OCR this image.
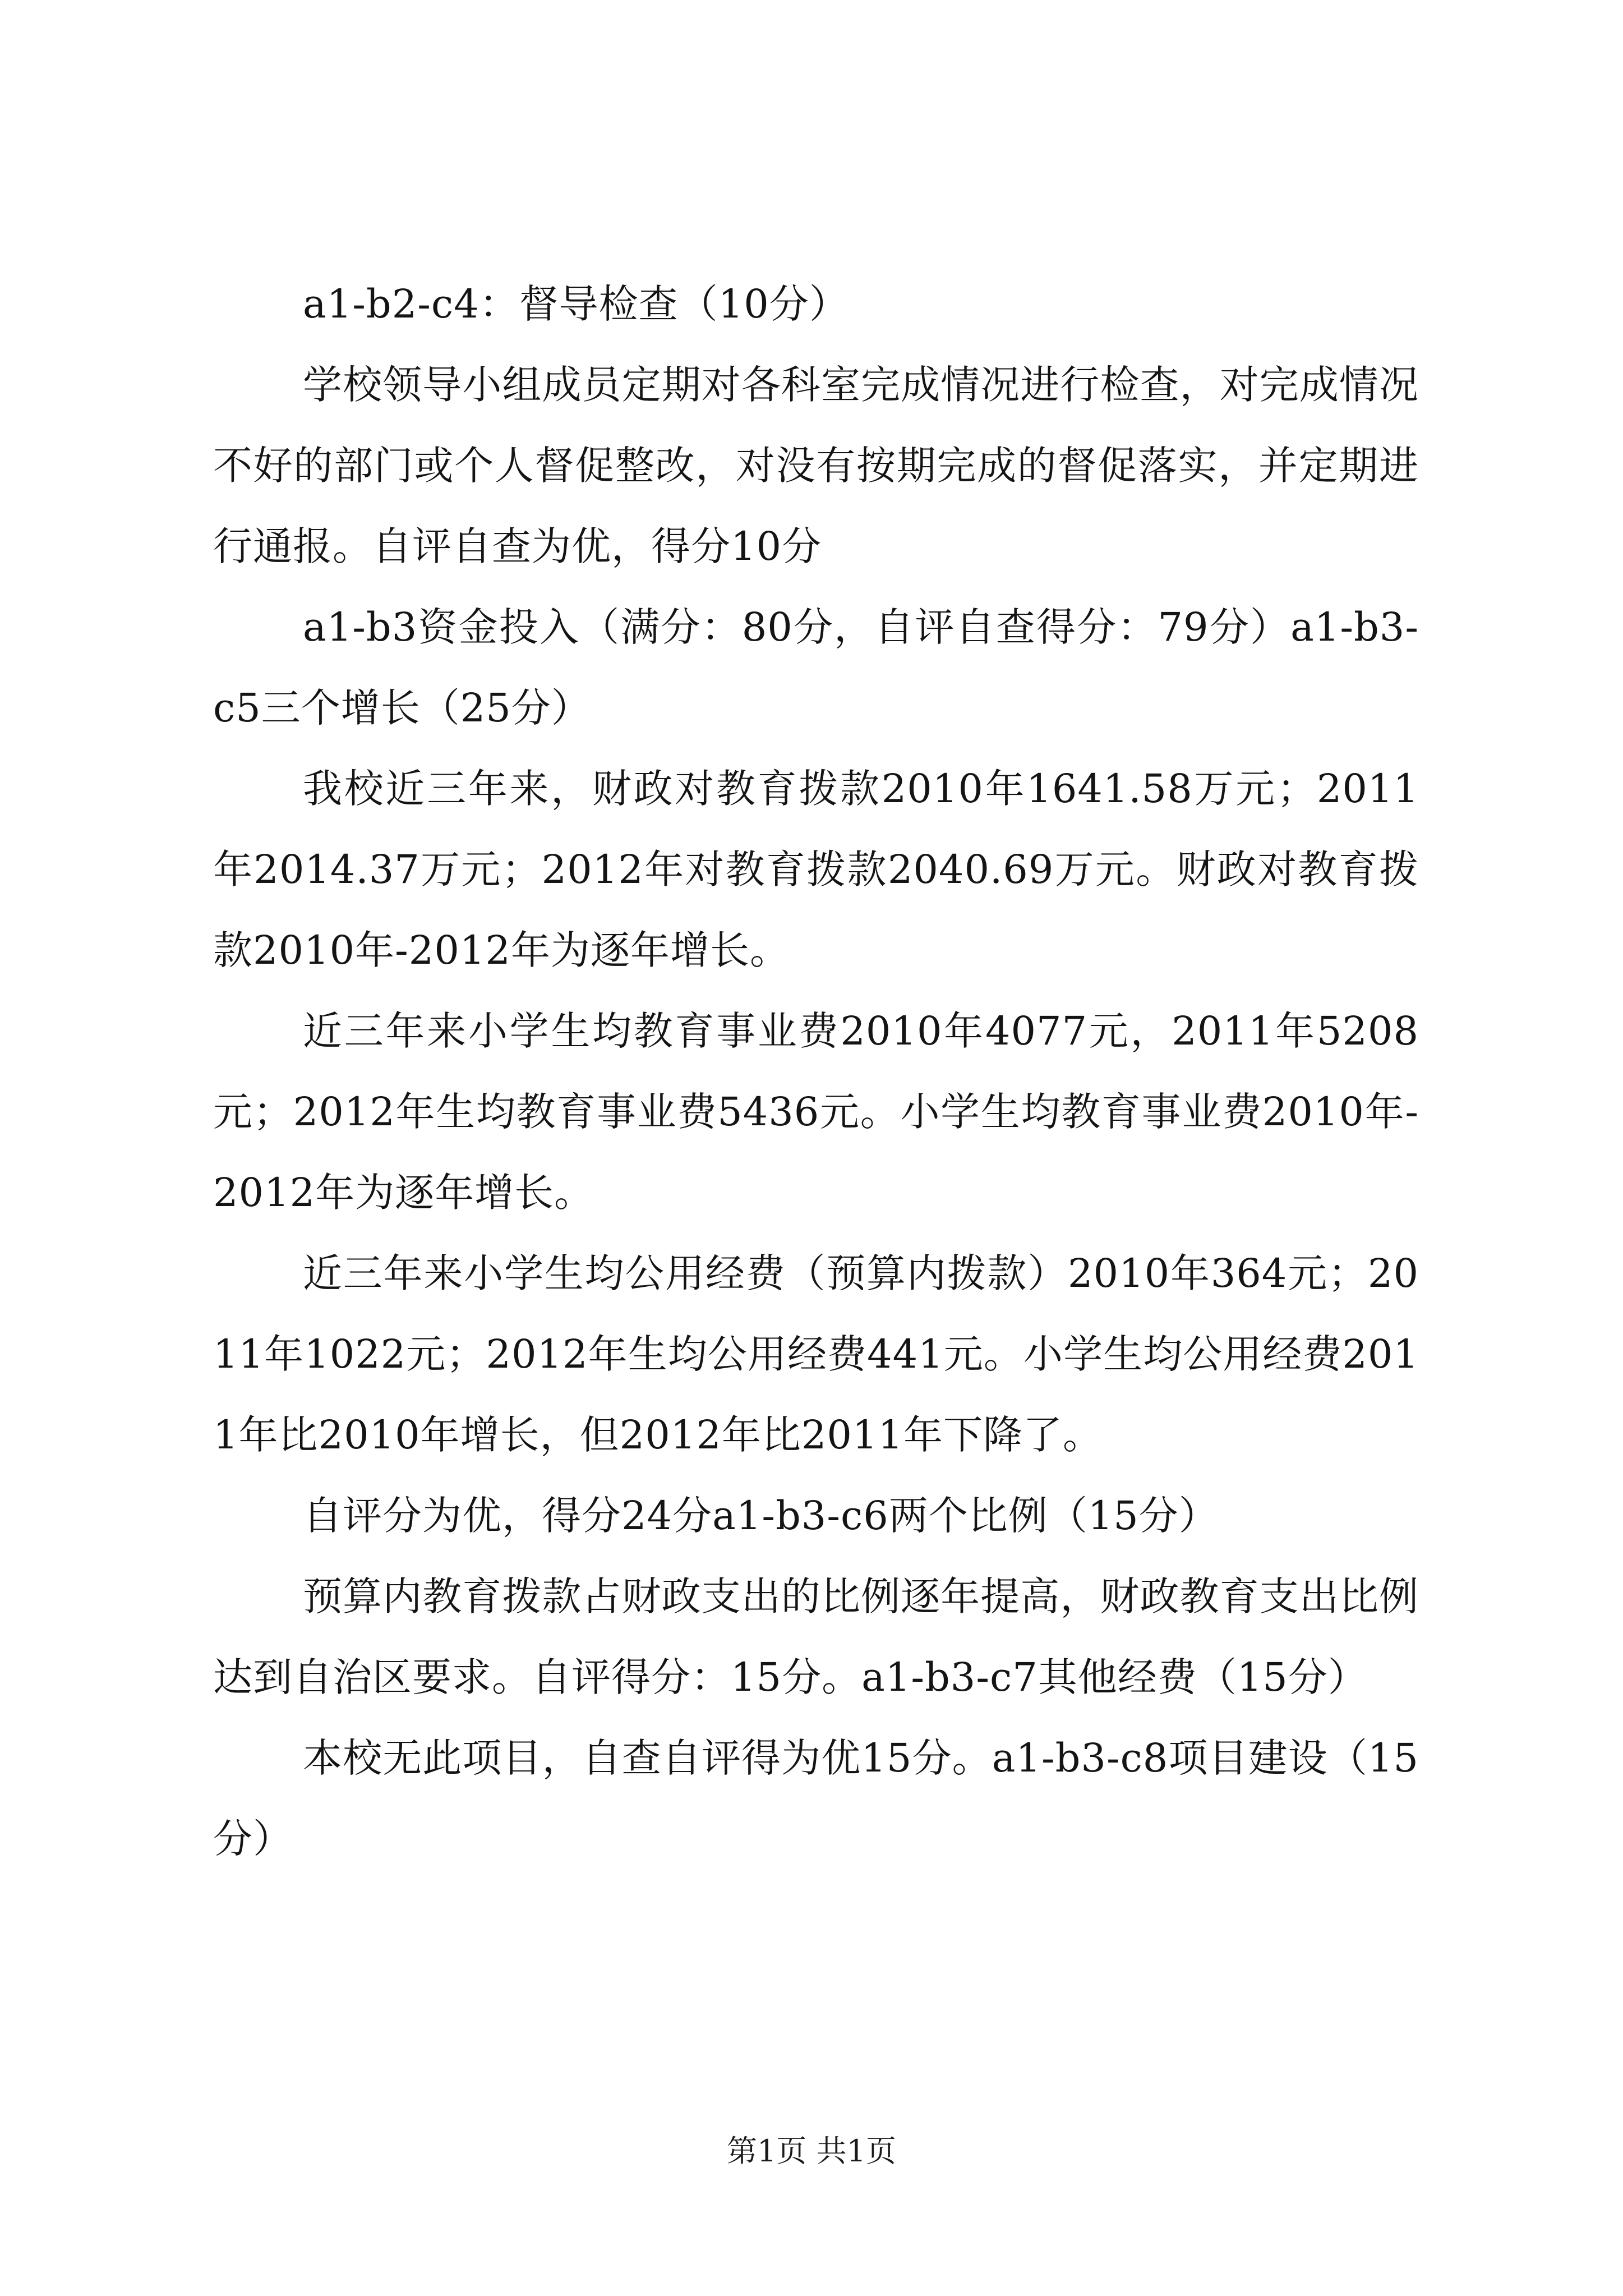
a1-b2-c4：督导检查（10分）

学校领导小组成员定期对各科室完成情况进行检查，对完成情况不好的部门或个人督促整改，对没有按期完成的督促落实，并定期进行通报。自评自查为优，得分10分

a1-b3资金投入（满分：80分，自评自查得分：79分）a1-b3-c5三个增长（25分）

我校近三年来，财政对教育拨款2010年1641.58万元；2011年2014.37万元；2012年对教育拨款2040.69万元。财政对教育拨款2010年-2012年为逐年增长。

近三年来小学生均教育事业费2010年4077元，2011年5208元；2012年生均教育事业费5436元。小学生均教育事业费2010年-2012年为逐年增长。

近三年来小学生均公用经费（预算内拨款）2010年364元；2011年1022元；2012年生均公用经费441元。小学生均公用经费2011年比2010年增长，但2012年比2011年下降了。

自评分为优，得分24分a1-b3-c6两个比例（15分）

预算内教育拨款占财政支出的比例逐年提高，财政教育支出比例达到自治区要求。自评得分：15分。a1-b3-c7其他经费（15分）

本校无此项目，自查自评得为优15分。a1-b3-c8项目建设（15分）

第1页 共1页
